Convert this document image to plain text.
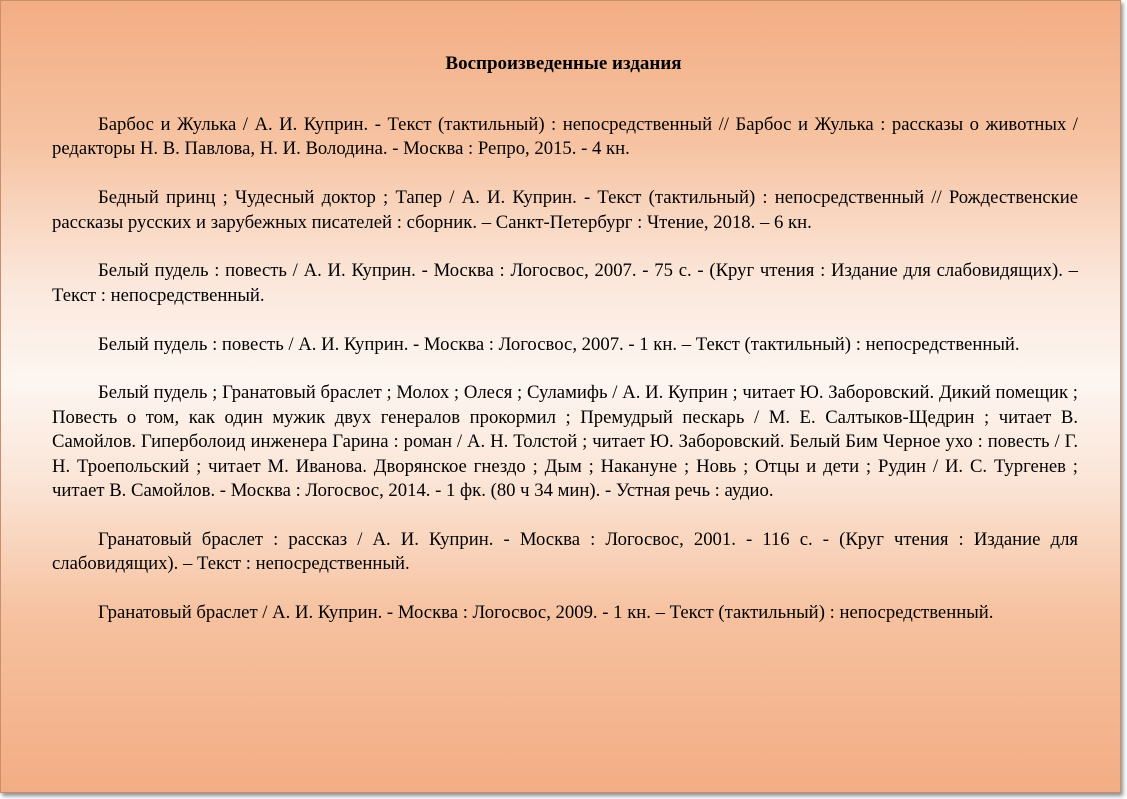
Воспроизведенные издания

Барбос и Жулька / А. И. Куприн. - Текст (тактильный) : непосредственный // Барбос и Жулька : рассказы о животных / редакторы Н. В. Павлова, Н. И. Володина. - Москва : Репро, 2015. - 4 кн.

Бедный принц ; Чудесный доктор ; Тапер / А. И. Куприн. - Текст (тактильный) : непосредственный // Рождественские рассказы русских и зарубежных писателей : сборник. – Санкт-Петербург : Чтение, 2018. – 6 кн.

Белый пудель : повесть / А. И. Куприн. - Москва : Логосвос, 2007. - 75 с. - (Круг чтения : Издание для слабовидящих). – Текст : непосредственный.

Белый пудель : повесть / А. И. Куприн. - Москва : Логосвос, 2007. - 1 кн. – Текст (тактильный) : непосредственный.

Белый пудель ; Гранатовый браслет ; Молох ; Олеся ; Суламифь / А. И. Куприн ; читает Ю. Заборовский. Дикий помещик ; Повесть о том, как один мужик двух генералов прокормил ; Премудрый пескарь / М. Е. Салтыков-Щедрин ; читает В. Самойлов. Гиперболоид инженера Гарина : роман / А. Н. Толстой ; читает Ю. Заборовский. Белый Бим Черное ухо : повесть / Г. Н. Троепольский ; читает М. Иванова. Дворянское гнездо ; Дым ; Накануне ; Новь ; Отцы и дети ; Рудин / И. С. Тургенев ; читает В. Самойлов. - Москва : Логосвос, 2014. - 1 фк. (80 ч 34 мин). - Устная речь : аудио.

Гранатовый браслет : рассказ / А. И. Куприн. - Москва : Логосвос, 2001. - 116 с. - (Круг чтения : Издание для слабовидящих). – Текст : непосредственный.

Гранатовый браслет / А. И. Куприн. - Москва : Логосвос, 2009. - 1 кн. – Текст (тактильный) : непосредственный.
